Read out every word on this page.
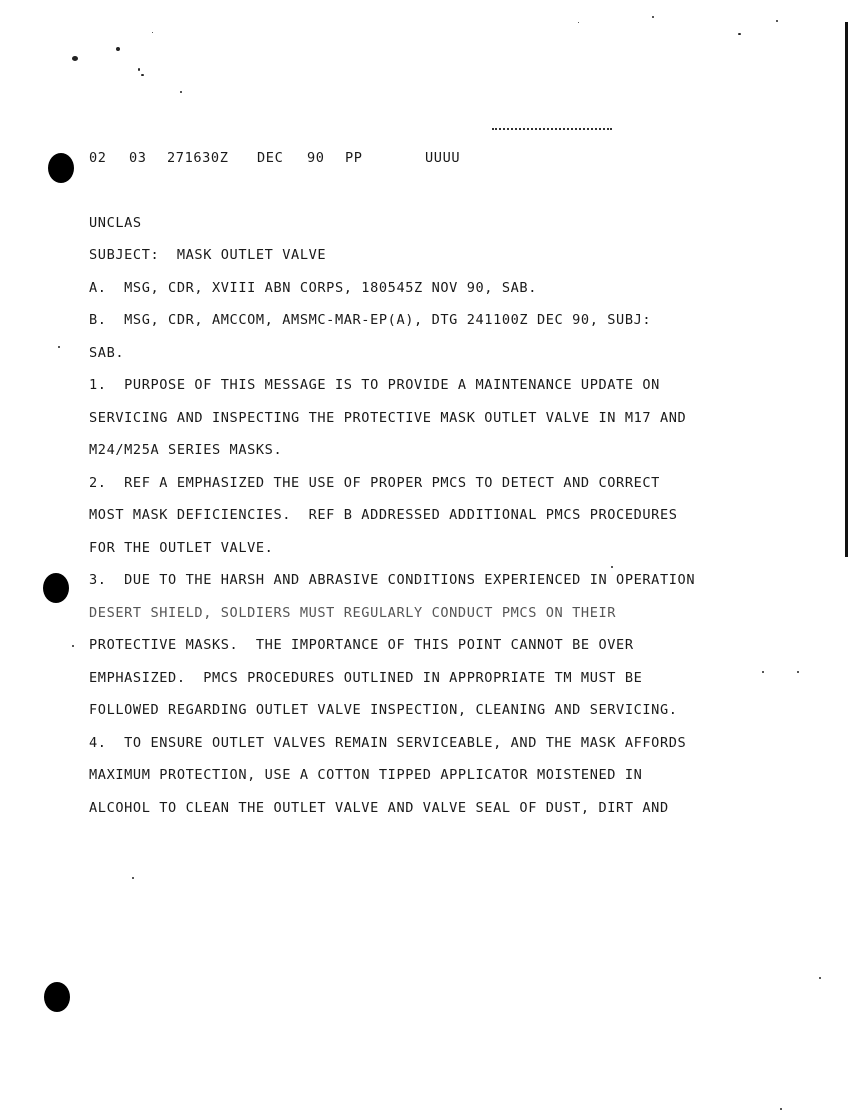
02

03

271630Z

DEC

90

PP

	UUUU

UNCLAS
SUBJECT:  MASK OUTLET VALVE
A.  MSG, CDR, XVIII ABN CORPS, 180545Z NOV 90, SAB.
B.  MSG, CDR, AMCCOM, AMSMC-MAR-EP(A), DTG 241100Z DEC 90, SUBJ:
SAB.
1.  PURPOSE OF THIS MESSAGE IS TO PROVIDE A MAINTENANCE UPDATE ON
SERVICING AND INSPECTING THE PROTECTIVE MASK OUTLET VALVE IN M17 AND
M24/M25A SERIES MASKS.
2.  REF A EMPHASIZED THE USE OF PROPER PMCS TO DETECT AND CORRECT
MOST MASK DEFICIENCIES.  REF B ADDRESSED ADDITIONAL PMCS PROCEDURES
FOR THE OUTLET VALVE.
3.  DUE TO THE HARSH AND ABRASIVE CONDITIONS EXPERIENCED IN OPERATION
DESERT SHIELD, SOLDIERS MUST REGULARLY CONDUCT PMCS ON THEIR
PROTECTIVE MASKS.  THE IMPORTANCE OF THIS POINT CANNOT BE OVER
EMPHASIZED.  PMCS PROCEDURES OUTLINED IN APPROPRIATE TM MUST BE
FOLLOWED REGARDING OUTLET VALVE INSPECTION, CLEANING AND SERVICING.
4.  TO ENSURE OUTLET VALVES REMAIN SERVICEABLE, AND THE MASK AFFORDS
MAXIMUM PROTECTION, USE A COTTON TIPPED APPLICATOR MOISTENED IN
ALCOHOL TO CLEAN THE OUTLET VALVE AND VALVE SEAL OF DUST, DIRT AND
